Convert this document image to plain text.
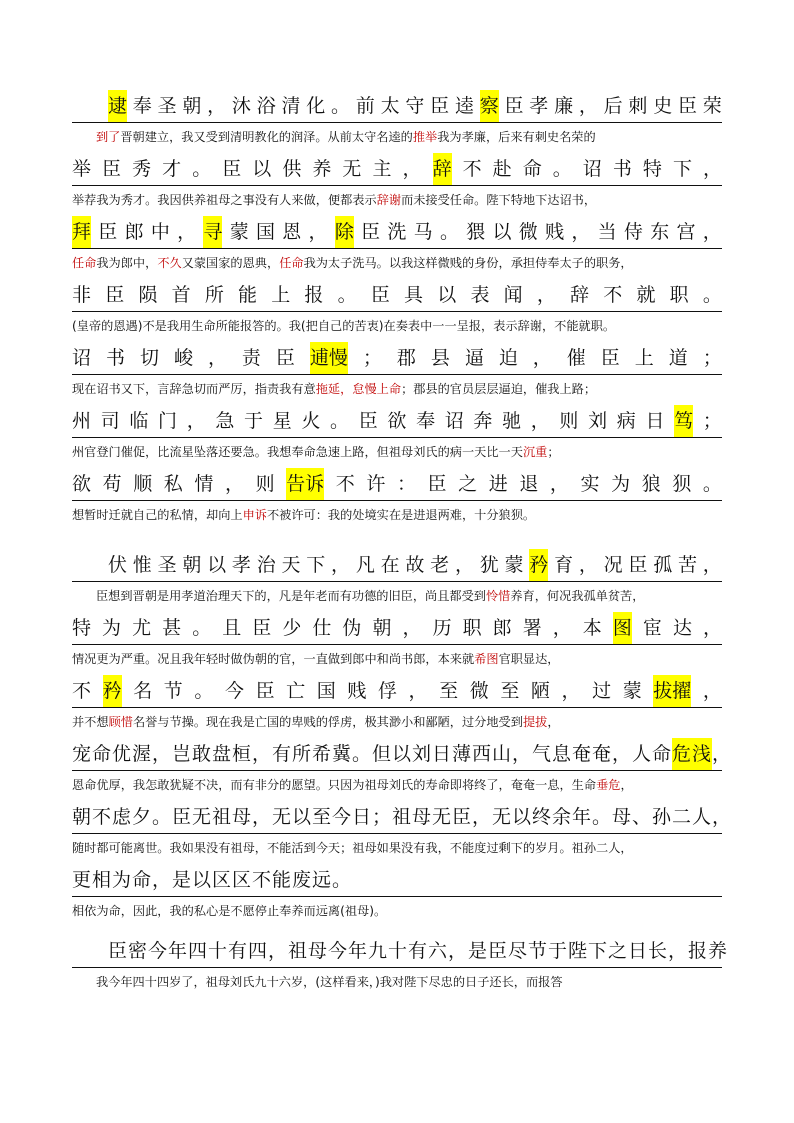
逮 奉 圣 朝 ， 沐 浴 清 化 。 前 太 守 臣 逵 察 臣 孝 廉 ， 后 刺 史 臣 荣
到了晋朝建立，我又受到清明教化的润泽。从前太守名逵的推举我为孝廉，后来有刺史名荣的
举 臣 秀 才 。 臣 以 供 养 无 主 ， 辞 不 赴 命 。 诏 书 特 下 ，
举荐我为秀才。我因供养祖母之事没有人来做，便都表示辞谢而未接受任命。陛下特地下达诏书，
拜 臣 郎 中 ， 寻 蒙 国 恩 ， 除 臣 洗 马 。 猥 以 微 贱 ， 当 侍 东 宫 ，
任命我为郎中，不久又蒙国家的恩典，任命我为太子洗马。以我这样微贱的身份，承担侍奉太子的职务，
非 臣 陨 首 所 能 上 报 。 臣 具 以 表 闻 ， 辞 不 就 职 。
(皇帝的恩遇)不是我用生命所能报答的。我(把自己的苦衷)在奏表中一一呈报，表示辞谢，不能就职。
诏 书 切 峻 ， 责 臣 逋慢 ； 郡 县 逼 迫 ， 催 臣 上 道 ；
现在诏书又下，言辞急切而严厉，指责我有意拖延，怠慢上命；郡县的官员层层逼迫，催我上路；
州 司 临 门 ， 急 于 星 火 。 臣 欲 奉 诏 奔 驰 ， 则 刘 病 日 笃 ；
州官登门催促，比流星坠落还要急。我想奉命急速上路，但祖母刘氏的病一天比一天沉重；
欲 苟 顺 私 情 ， 则 告诉 不 许 ： 臣 之 进 退 ， 实 为 狼 狈 。
想暂时迁就自己的私情，却向上申诉不被许可：我的处境实在是进退两难，十分狼狈。
伏 惟 圣 朝 以 孝 治 天 下 ， 凡 在 故 老 ， 犹 蒙 矜 育 ， 况 臣 孤 苦 ，
臣想到晋朝是用孝道治理天下的，凡是年老而有功德的旧臣，尚且都受到怜惜养育，何况我孤单贫苦，
特 为 尤 甚 。 且 臣 少 仕 伪 朝 ， 历 职 郎 署 ， 本 图 宦 达 ，
情况更为严重。况且我年轻时做伪朝的官，一直做到郎中和尚书郎，本来就希图官职显达，
不 矜 名 节 。 今 臣 亡 国 贱 俘 ， 至 微 至 陋 ， 过 蒙 拔擢 ，
并不想顾惜名誉与节操。现在我是亡国的卑贱的俘虏，极其渺小和鄙陋，过分地受到提拔，
宠命优渥，岂敢盘桓，有所希冀。但以刘日薄西山，气息奄奄，人命 危浅 ，
恩命优厚，我怎敢犹疑不决，而有非分的愿望。只因为祖母刘氏的寿命即将终了，奄奄一息，生命垂危，
朝不虑夕。臣无祖母，无以至今日；祖母无臣，无以终余年。母、孙二人，
随时都可能离世。我如果没有祖母，不能活到今天；祖母如果没有我，不能度过剩下的岁月。祖孙二人，
更相为命，是以区区不能废远。
相依为命，因此，我的私心是不愿停止奉养而远离(祖母)。
臣密今年四十有四，祖母今年九十有六，是臣尽节于陛下之日长，报养
我今年四十四岁了，祖母刘氏九十六岁，(这样看来，)我对陛下尽忠的日子还长，而报答
